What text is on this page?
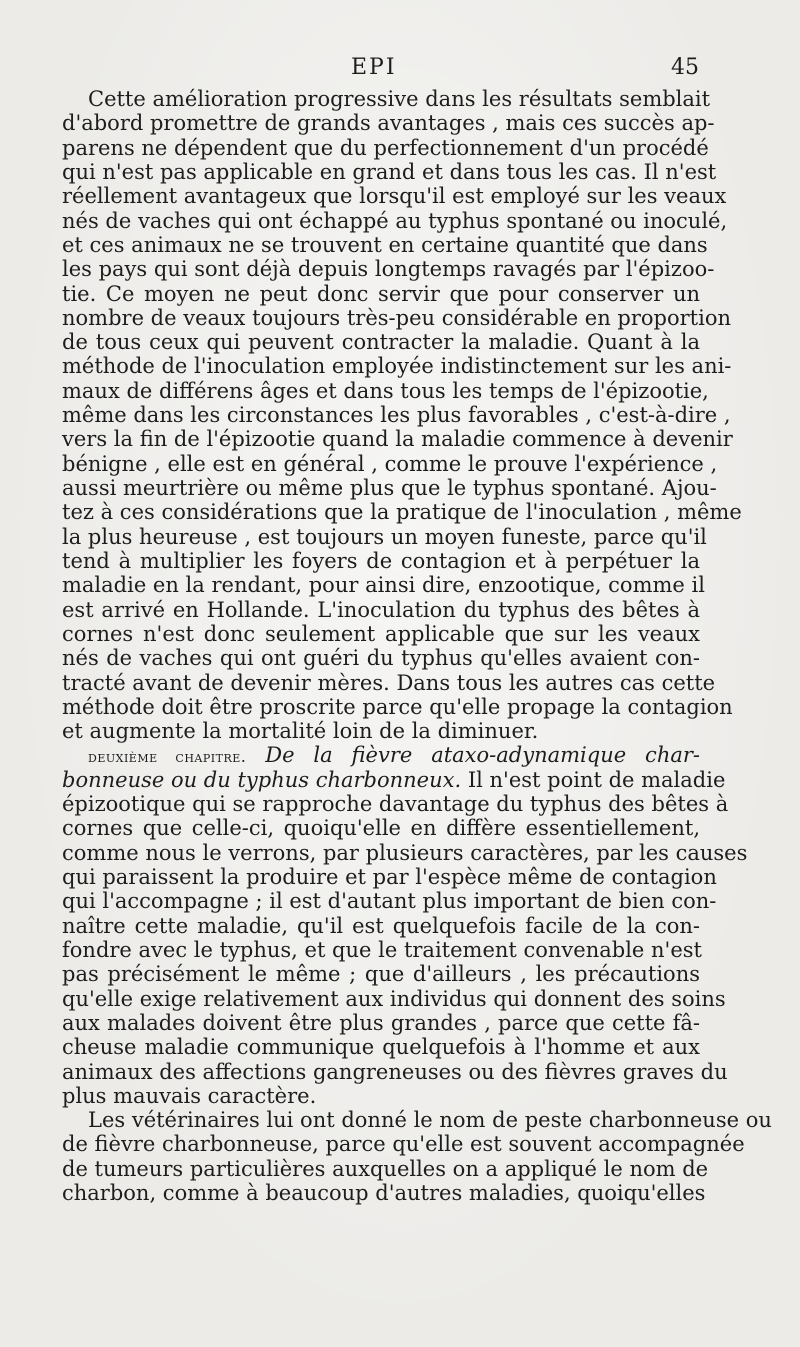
EPI	45
Cette amélioration progressive dans les résultats semblait
d'abord promettre de grands avantages , mais ces succès ap-
parens ne dépendent que du perfectionnement d'un procédé
qui n'est pas applicable en grand et dans tous les cas. Il n'est
réellement avantageux que lorsqu'il est employé sur les veaux
nés de vaches qui ont échappé au typhus spontané ou inoculé,
et ces animaux ne se trouvent en certaine quantité que dans
les pays qui sont déjà depuis longtemps ravagés par l'épizoo-
tie. Ce moyen ne peut donc servir que pour conserver un
nombre de veaux toujours très-peu considérable en proportion
de tous ceux qui peuvent contracter la maladie. Quant à la
méthode de l'inoculation employée indistinctement sur les ani-
maux de différens âges et dans tous les temps de l'épizootie,
même dans les circonstances les plus favorables , c'est-à-dire ,
vers la fin de l'épizootie quand la maladie commence à devenir
bénigne , elle est en général , comme le prouve l'expérience ,
aussi meurtrière ou même plus que le typhus spontané. Ajou-
tez à ces considérations que la pratique de l'inoculation , même
la plus heureuse , est toujours un moyen funeste, parce qu'il
tend à multiplier les foyers de contagion et à perpétuer la
maladie en la rendant, pour ainsi dire, enzootique, comme il
est arrivé en Hollande. L'inoculation du typhus des bêtes à
cornes n'est donc seulement applicable que sur les veaux
nés de vaches qui ont guéri du typhus qu'elles avaient con-
tracté avant de devenir mères. Dans tous les autres cas cette
méthode doit être proscrite parce qu'elle propage la contagion
et augmente la mortalité loin de la diminuer.
deuxième chapitre. De la fièvre ataxo-adynamique char-
bonneuse ou du typhus charbonneux. Il n'est point de maladie
épizootique qui se rapproche davantage du typhus des bêtes à
cornes que celle-ci, quoiqu'elle en diffère essentiellement,
comme nous le verrons, par plusieurs caractères, par les causes
qui paraissent la produire et par l'espèce même de contagion
qui l'accompagne ; il est d'autant plus important de bien con-
naître cette maladie, qu'il est quelquefois facile de la con-
fondre avec le typhus, et que le traitement convenable n'est
pas précisément le même ; que d'ailleurs , les précautions
qu'elle exige relativement aux individus qui donnent des soins
aux malades doivent être plus grandes , parce que cette fâ-
cheuse maladie communique quelquefois à l'homme et aux
animaux des affections gangreneuses ou des fièvres graves du
plus mauvais caractère.
Les vétérinaires lui ont donné le nom de peste charbonneuse ou
de fièvre charbonneuse, parce qu'elle est souvent accompagnée
de tumeurs particulières auxquelles on a appliqué le nom de
charbon, comme à beaucoup d'autres maladies, quoiqu'elles
